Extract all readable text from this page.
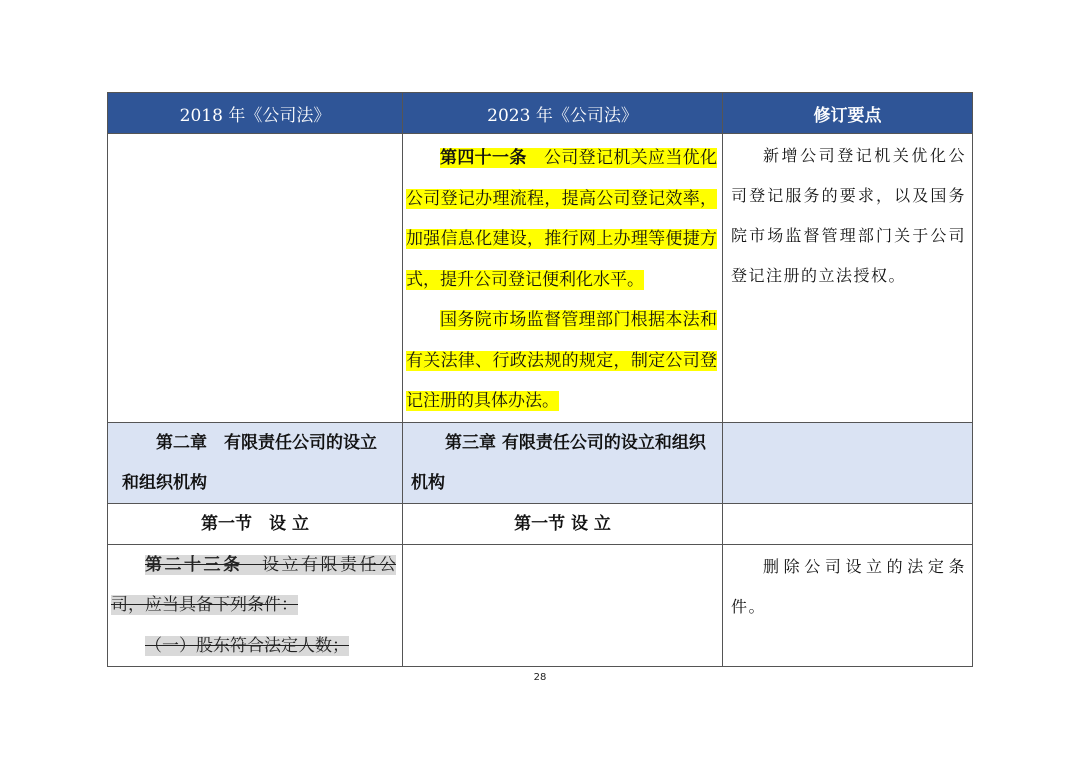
2018 年《公司法》	2023 年《公司法》	修订要点

	第四十一条　 公司登记机关应当优化公司登记办理流程，提高公司登记效率，加强信息化建设，推行网上办理等便捷方式，提升公司登记便利化水平。

国务院市场监督管理部门根据本法和有关法律、行政法规的规定，制定公司登记注册的具体办法。	新增公司登记机关优化公司登记服务的要求，以及国务院市场监督管理部门关于公司登记注册的立法授权。

第二章　有限责任公司的设立和组织机构	第三章 有限责任公司的设立和组织机构	

第一节　设 立	第一节 设 立	

第二十三条　 设立有限责任公司，应当具备下列条件：

（一）股东符合法定人数；		删除公司设立的法定条件。

28
